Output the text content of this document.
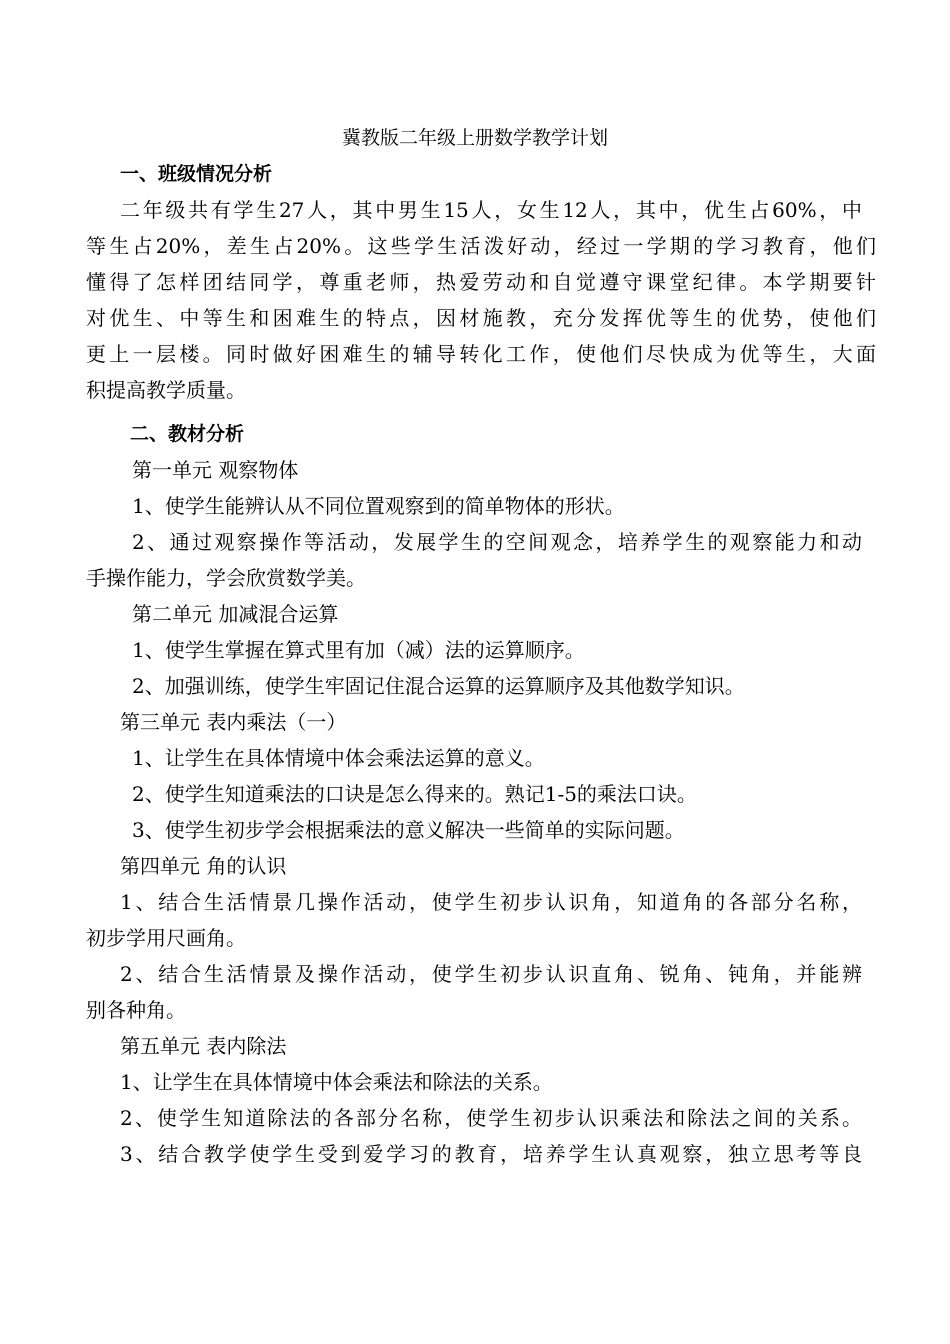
冀教版二年级上册数学教学计划

一、班级情况分析

二年级共有学生27人，其中男生15人，女生12人，其中，优生占60%，中

等生占20%，差生占20%。这些学生活泼好动，经过一学期的学习教育，他们

懂得了怎样团结同学，尊重老师，热爱劳动和自觉遵守课堂纪律。本学期要针

对优生、中等生和困难生的特点，因材施教，充分发挥优等生的优势，使他们

更上一层楼。同时做好困难生的辅导转化工作，使他们尽快成为优等生，大面

积提高教学质量。

二、教材分析

第一单元 观察物体

1、使学生能辨认从不同位置观察到的简单物体的形状。

2、通过观察操作等活动，发展学生的空间观念，培养学生的观察能力和动

手操作能力，学会欣赏数学美。

第二单元 加减混合运算

1、使学生掌握在算式里有加（减）法的运算顺序。

2、加强训练，使学生牢固记住混合运算的运算顺序及其他数学知识。

第三单元 表内乘法（一）

1、让学生在具体情境中体会乘法运算的意义。

2、使学生知道乘法的口诀是怎么得来的。熟记1-5的乘法口诀。

3、使学生初步学会根据乘法的意义解决一些简单的实际问题。

第四单元 角的认识

1、结合生活情景几操作活动，使学生初步认识角，知道角的各部分名称，

初步学用尺画角。

2、结合生活情景及操作活动，使学生初步认识直角、锐角、钝角，并能辨

别各种角。

第五单元 表内除法

1、让学生在具体情境中体会乘法和除法的关系。

2、使学生知道除法的各部分名称，使学生初步认识乘法和除法之间的关系。

3、结合教学使学生受到爱学习的教育，培养学生认真观察，独立思考等良
